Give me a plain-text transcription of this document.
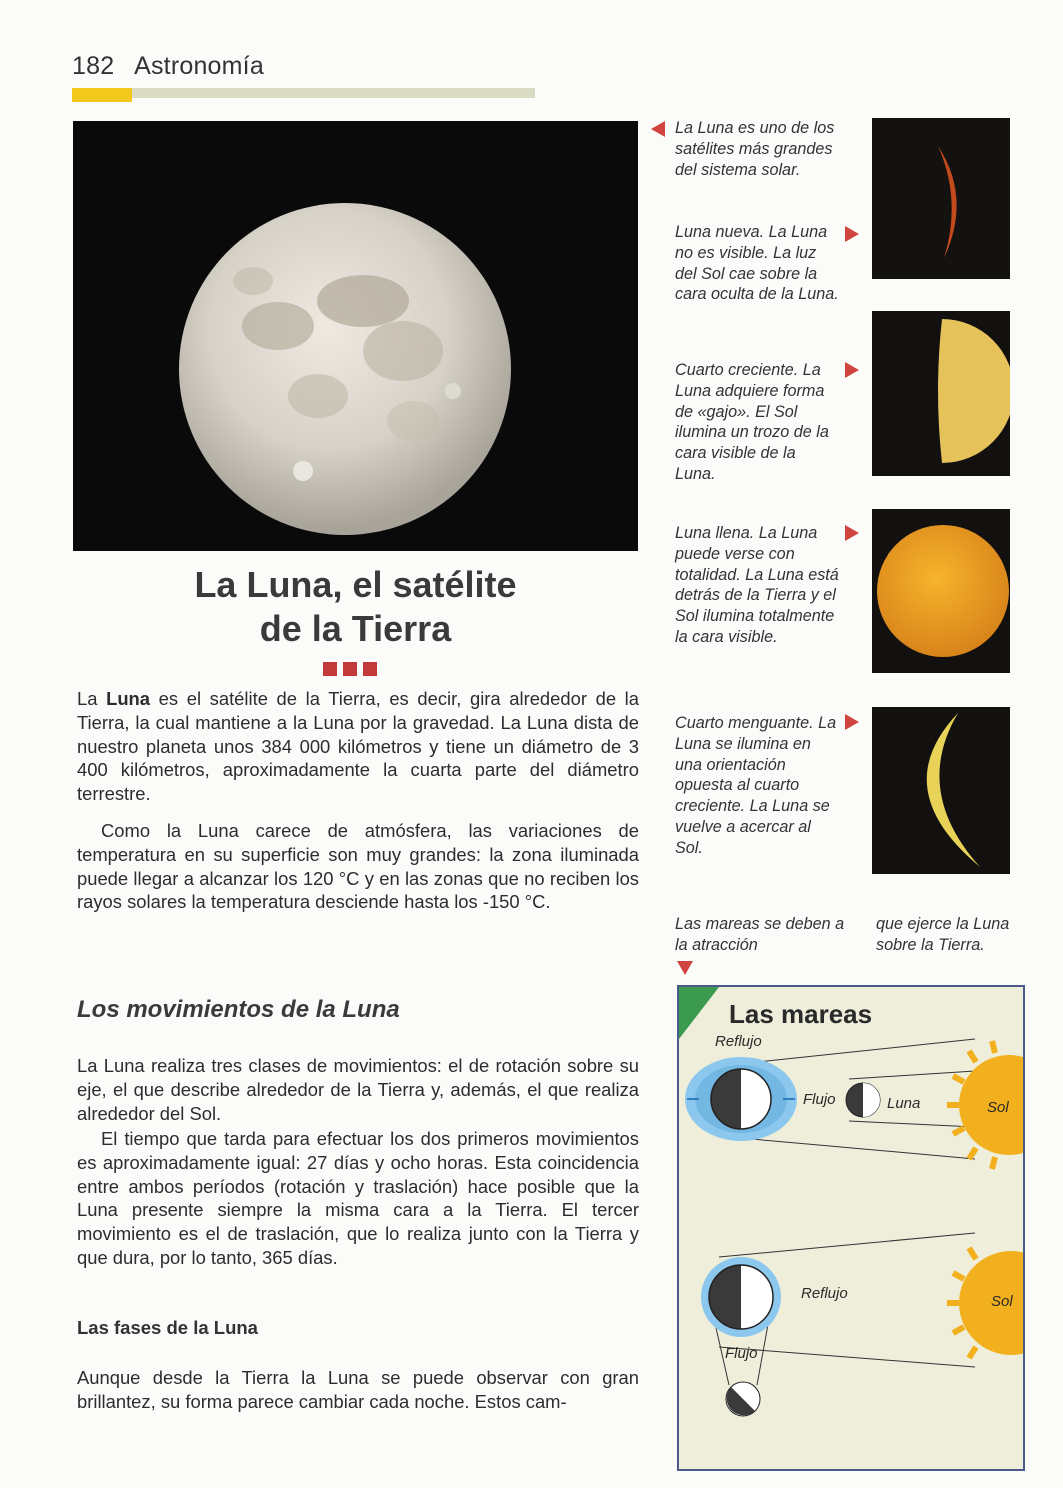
182 Astronomía
La Luna, el satélite
de la Tierra
La Luna es el satélite de la Tierra, es decir, gira alrededor de la Tierra, la cual mantiene a la Luna por la gravedad. La Luna dista de nuestro planeta unos 384 000 kilómetros y tiene un diámetro de 3 400 kilómetros, aproximadamente la cuarta parte del diámetro terrestre.

Como la Luna carece de atmósfera, las variaciones de temperatura en su superficie son muy grandes: la zona iluminada puede llegar a alcanzar los 120 °C y en las zonas que no reciben los rayos solares la temperatura desciende hasta los -150 °C.

Los movimientos de la Luna
La Luna realiza tres clases de movimientos: el de rotación sobre su eje, el que describe alrededor de la Tierra y, además, el que realiza alrededor del Sol.

El tiempo que tarda para efectuar los dos primeros movimientos es aproximadamente igual: 27 días y ocho horas. Esta coincidencia entre ambos períodos (rotación y traslación) hace posible que la Luna presente siempre la misma cara a la Tierra. El tercer movimiento es el de traslación, que lo realiza junto con la Tierra y que dura, por lo tanto, 365 días.

Las fases de la Luna
Aunque desde la Tierra la Luna se puede observar con gran brillantez, su forma parece cambiar cada noche. Estos cam-
La Luna es uno de los satélites más grandes del sistema solar.
Luna nueva. La Luna no es visible. La luz del Sol cae sobre la cara oculta de la Luna.
Cuarto creciente. La Luna adquiere forma de «gajo». El Sol ilumina un trozo de la cara visible de la Luna.
Luna llena. La Luna puede verse con totalidad. La Luna está detrás de la Tierra y el Sol ilumina totalmente la cara visible.
Cuarto menguante. La Luna se ilumina en una orientación opuesta al cuarto creciente. La Luna se vuelve a acercar al Sol.
Las mareas se deben a la atracción
que ejerce la Luna sobre la Tierra.
Las mareas
Reflujo
Flujo	Luna	Sol
Reflujo	Sol
Flujo
